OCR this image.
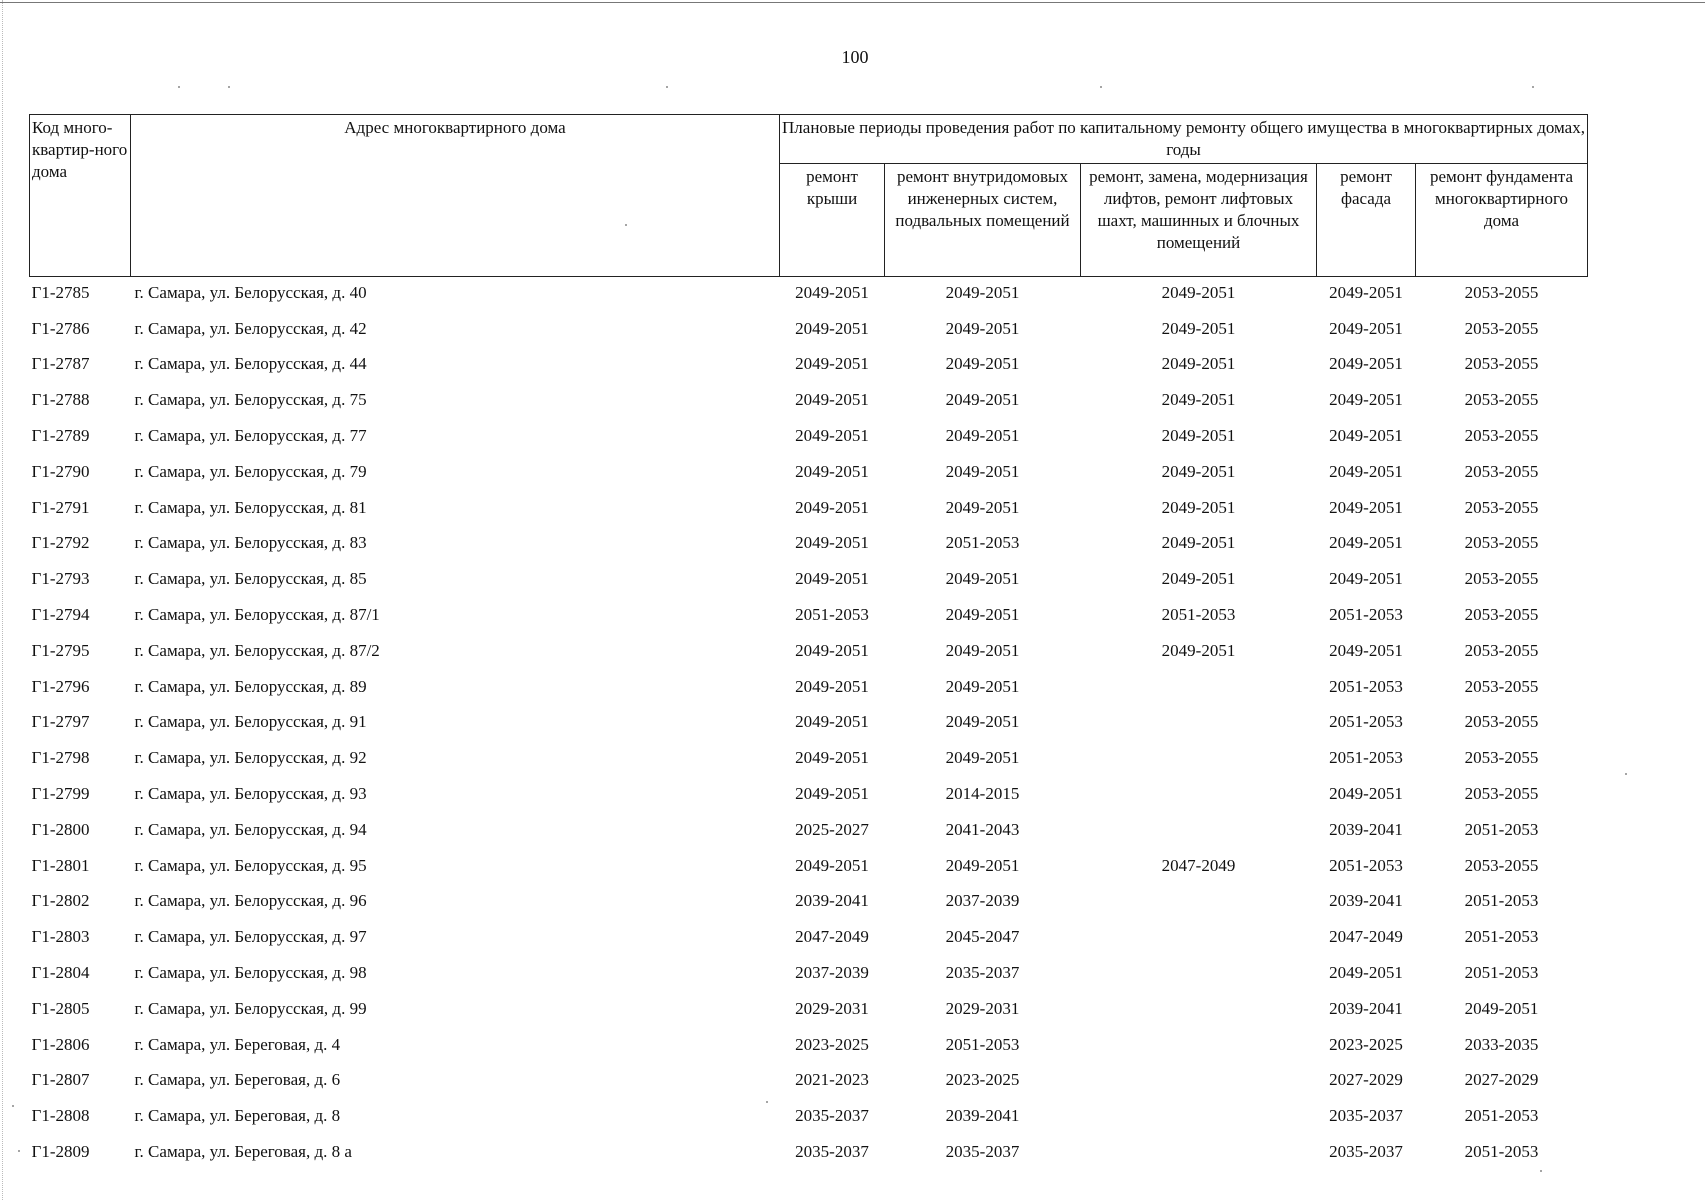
100
Код много-квартир-ного дома	Адрес многоквартирного дома	Плановые периоды проведения работ по капитальному ремонту общего имущества в многоквартирных домах, годы				
		ремонт крыши	ремонт внутридомовых инженерных систем, подвальных помещений	ремонт, замена, модернизация лифтов, ремонт лифтовых шахт, машинных и блочных помещений	ремонт фасада	ремонт фундамента многоквартирного дома
Г1-2785	г. Самара, ул. Белорусская, д. 40	2049-2051	2049-2051	2049-2051	2049-2051	2053-2055
Г1-2786	г. Самара, ул. Белорусская, д. 42	2049-2051	2049-2051	2049-2051	2049-2051	2053-2055
Г1-2787	г. Самара, ул. Белорусская, д. 44	2049-2051	2049-2051	2049-2051	2049-2051	2053-2055
Г1-2788	г. Самара, ул. Белорусская, д. 75	2049-2051	2049-2051	2049-2051	2049-2051	2053-2055
Г1-2789	г. Самара, ул. Белорусская, д. 77	2049-2051	2049-2051	2049-2051	2049-2051	2053-2055
Г1-2790	г. Самара, ул. Белорусская, д. 79	2049-2051	2049-2051	2049-2051	2049-2051	2053-2055
Г1-2791	г. Самара, ул. Белорусская, д. 81	2049-2051	2049-2051	2049-2051	2049-2051	2053-2055
Г1-2792	г. Самара, ул. Белорусская, д. 83	2049-2051	2051-2053	2049-2051	2049-2051	2053-2055
Г1-2793	г. Самара, ул. Белорусская, д. 85	2049-2051	2049-2051	2049-2051	2049-2051	2053-2055
Г1-2794	г. Самара, ул. Белорусская, д. 87/1	2051-2053	2049-2051	2051-2053	2051-2053	2053-2055
Г1-2795	г. Самара, ул. Белорусская, д. 87/2	2049-2051	2049-2051	2049-2051	2049-2051	2053-2055
Г1-2796	г. Самара, ул. Белорусская, д. 89	2049-2051	2049-2051		2051-2053	2053-2055
Г1-2797	г. Самара, ул. Белорусская, д. 91	2049-2051	2049-2051		2051-2053	2053-2055
Г1-2798	г. Самара, ул. Белорусская, д. 92	2049-2051	2049-2051		2051-2053	2053-2055
Г1-2799	г. Самара, ул. Белорусская, д. 93	2049-2051	2014-2015		2049-2051	2053-2055
Г1-2800	г. Самара, ул. Белорусская, д. 94	2025-2027	2041-2043		2039-2041	2051-2053
Г1-2801	г. Самара, ул. Белорусская, д. 95	2049-2051	2049-2051	2047-2049	2051-2053	2053-2055
Г1-2802	г. Самара, ул. Белорусская, д. 96	2039-2041	2037-2039		2039-2041	2051-2053
Г1-2803	г. Самара, ул. Белорусская, д. 97	2047-2049	2045-2047		2047-2049	2051-2053
Г1-2804	г. Самара, ул. Белорусская, д. 98	2037-2039	2035-2037		2049-2051	2051-2053
Г1-2805	г. Самара, ул. Белорусская, д. 99	2029-2031	2029-2031		2039-2041	2049-2051
Г1-2806	г. Самара, ул. Береговая, д. 4	2023-2025	2051-2053		2023-2025	2033-2035
Г1-2807	г. Самара, ул. Береговая, д. 6	2021-2023	2023-2025		2027-2029	2027-2029
Г1-2808	г. Самара, ул. Береговая, д. 8	2035-2037	2039-2041		2035-2037	2051-2053
Г1-2809	г. Самара, ул. Береговая, д. 8 а	2035-2037	2035-2037		2035-2037	2051-2053
